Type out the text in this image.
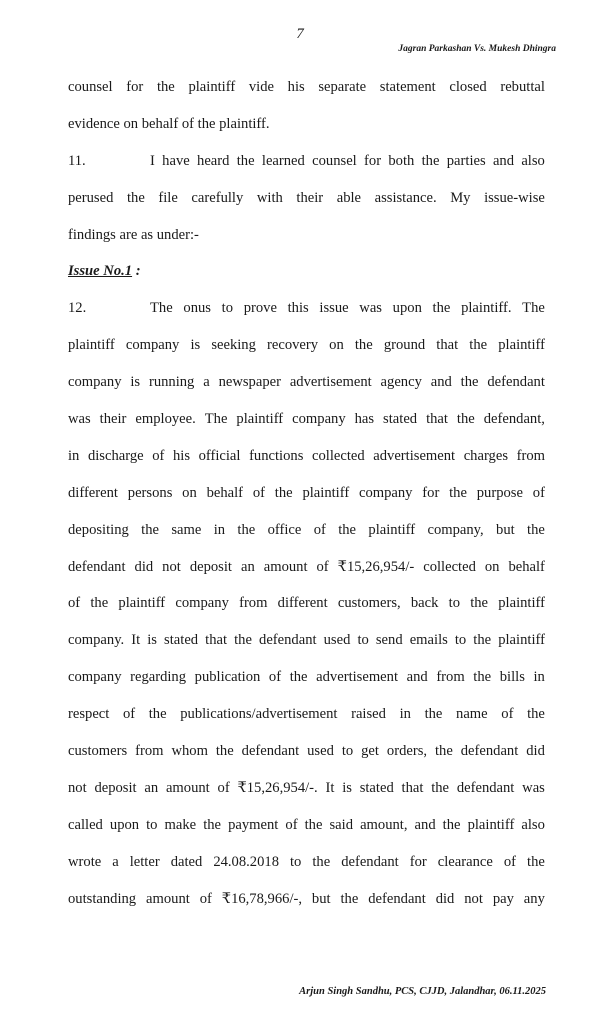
7
Jagran Parkashan Vs. Mukesh Dhingra
counsel for the plaintiff vide his separate statement closed rebuttal
evidence on behalf of the plaintiff.
11.	I have heard the learned counsel for both the parties and also
perused the file carefully with their able assistance. My issue-wise
findings are as under:-
Issue No.1 :
12.	The onus to prove this issue was upon the plaintiff. The
plaintiff company is seeking recovery on the ground that the plaintiff
company is running a newspaper advertisement agency and the defendant
was their employee. The plaintiff company has stated that the defendant,
in discharge of his official functions collected advertisement charges from
different persons on behalf of the plaintiff company for the purpose of
depositing the same in the office of the plaintiff company, but the
defendant did not deposit an amount of ₹15,26,954/- collected on behalf
of the plaintiff company from different customers, back to the plaintiff
company. It is stated that the defendant used to send emails to the plaintiff
company regarding publication of the advertisement and from the bills in
respect of the publications/advertisement raised in the name of the
customers from whom the defendant used to get orders, the defendant did
not deposit an amount of ₹15,26,954/-. It is stated that the defendant was
called upon to make the payment of the said amount, and the plaintiff also
wrote a letter dated 24.08.2018 to the defendant for clearance of the
outstanding amount of ₹16,78,966/-, but the defendant did not pay any
Arjun Singh Sandhu, PCS, CJJD, Jalandhar, 06.11.2025
